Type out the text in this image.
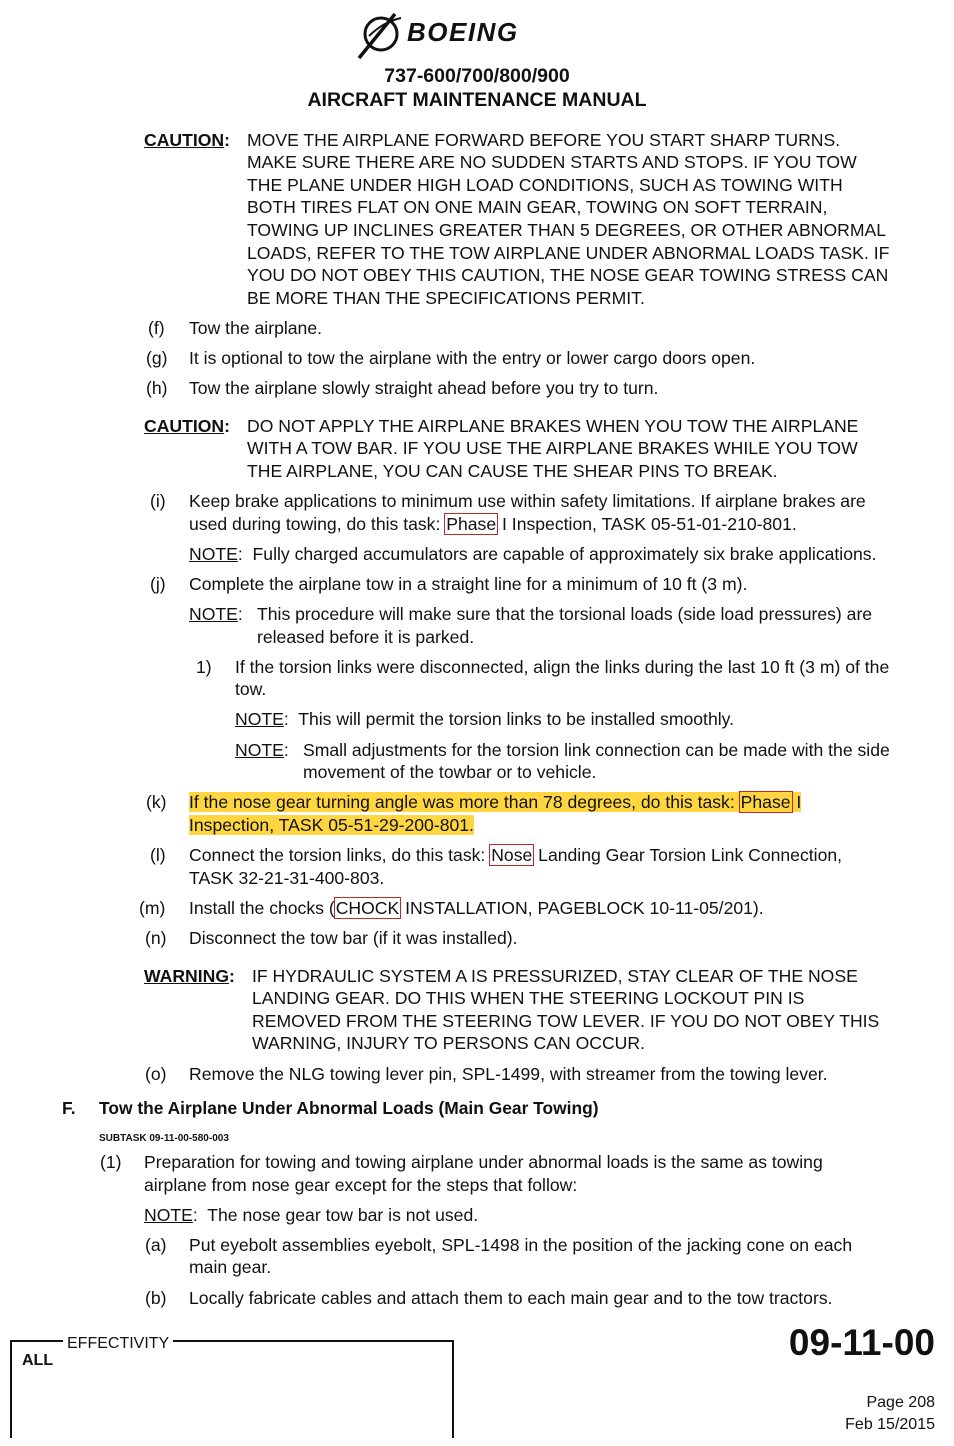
BOEING
737-600/700/800/900
AIRCRAFT MAINTENANCE MANUAL
CAUTION: MOVE THE AIRPLANE FORWARD BEFORE YOU START SHARP TURNS.
MAKE SURE THERE ARE NO SUDDEN STARTS AND STOPS. IF YOU TOW
THE PLANE UNDER HIGH LOAD CONDITIONS, SUCH AS TOWING WITH
BOTH TIRES FLAT ON ONE MAIN GEAR, TOWING ON SOFT TERRAIN,
TOWING UP INCLINES GREATER THAN 5 DEGREES, OR OTHER ABNORMAL
LOADS, REFER TO THE TOW AIRPLANE UNDER ABNORMAL LOADS TASK. IF
YOU DO NOT OBEY THIS CAUTION, THE NOSE GEAR TOWING STRESS CAN
BE MORE THAN THE SPECIFICATIONS PERMIT.
(f) Tow the airplane.
(g) It is optional to tow the airplane with the entry or lower cargo doors open.
(h) Tow the airplane slowly straight ahead before you try to turn.
CAUTION: DO NOT APPLY THE AIRPLANE BRAKES WHEN YOU TOW THE AIRPLANE
WITH A TOW BAR. IF YOU USE THE AIRPLANE BRAKES WHILE YOU TOW
THE AIRPLANE, YOU CAN CAUSE THE SHEAR PINS TO BREAK.
(i) Keep brake applications to minimum use within safety limitations. If airplane brakes are
used during towing, do this task: Phase I Inspection, TASK 05-51-01-210-801.
NOTE:  Fully charged accumulators are capable of approximately six brake applications.
(j) Complete the airplane tow in a straight line for a minimum of 10 ft (3 m).
NOTE: This procedure will make sure that the torsional loads (side load pressures) are
released before it is parked.
1) If the torsion links were disconnected, align the links during the last 10 ft (3 m) of the
tow.
NOTE:  This will permit the torsion links to be installed smoothly.
NOTE: Small adjustments for the torsion link connection can be made with the side
movement of the towbar or to vehicle.
(k) If the nose gear turning angle was more than 78 degrees, do this task: Phase I
Inspection, TASK 05-51-29-200-801.
(l) Connect the torsion links, do this task: Nose Landing Gear Torsion Link Connection,
TASK 32-21-31-400-803.
(m) Install the chocks (CHOCK INSTALLATION, PAGEBLOCK 10-11-05/201).
(n) Disconnect the tow bar (if it was installed).
WARNING: IF HYDRAULIC SYSTEM A IS PRESSURIZED, STAY CLEAR OF THE NOSE
LANDING GEAR. DO THIS WHEN THE STEERING LOCKOUT PIN IS
REMOVED FROM THE STEERING TOW LEVER. IF YOU DO NOT OBEY THIS
WARNING, INJURY TO PERSONS CAN OCCUR.
(o) Remove the NLG towing lever pin, SPL-1499, with streamer from the towing lever.
F. Tow the Airplane Under Abnormal Loads (Main Gear Towing)
SUBTASK 09-11-00-580-003
(1) Preparation for towing and towing airplane under abnormal loads is the same as towing
airplane from nose gear except for the steps that follow:
NOTE:  The nose gear tow bar is not used.
(a) Put eyebolt assemblies eyebolt, SPL-1498 in the position of the jacking cone on each
main gear.
(b) Locally fabricate cables and attach them to each main gear and to the tow tractors.
EFFECTIVITY
ALL	09-11-00
Page 208
Feb 15/2015
